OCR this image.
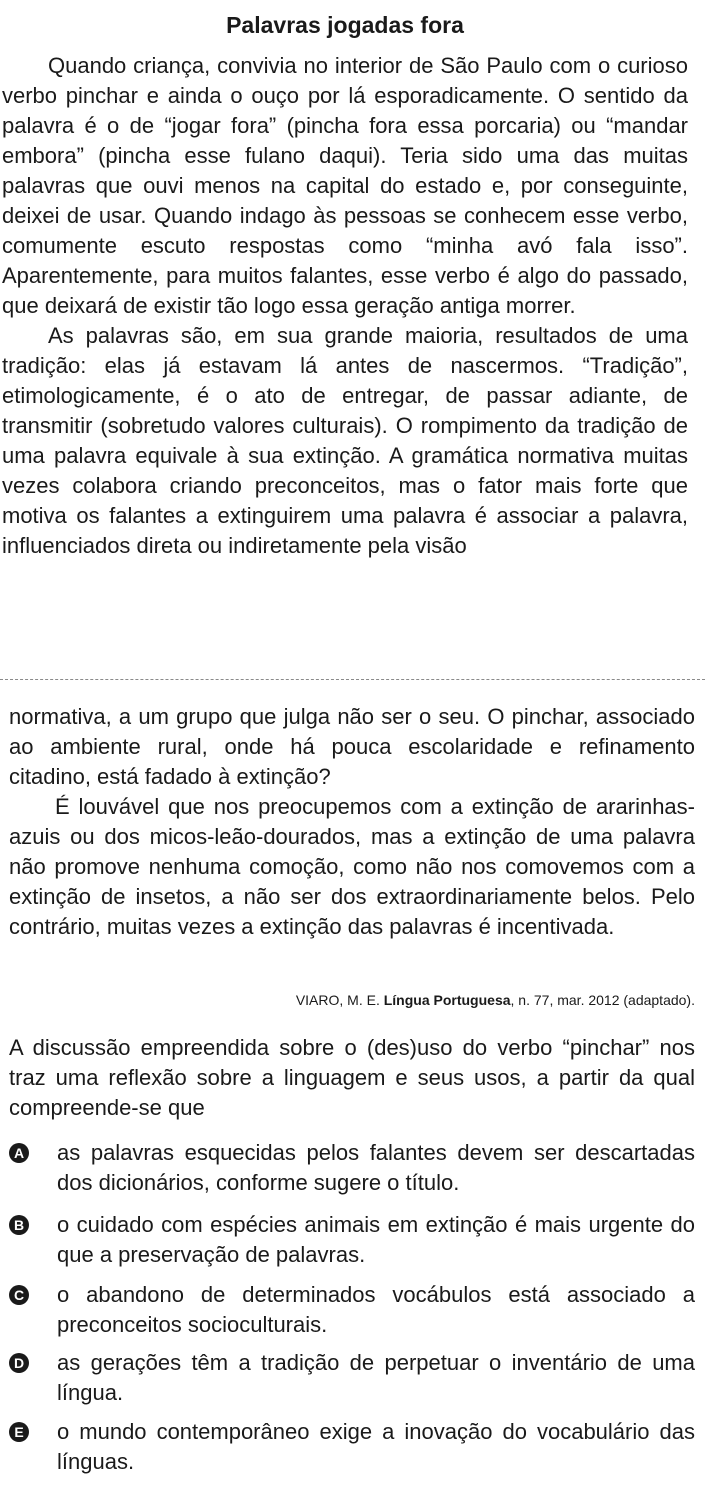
Palavras jogadas fora

Quando criança, convivia no interior de São Paulo com o curioso verbo pinchar e ainda o ouço por lá esporadicamente. O sentido da palavra é o de “jogar fora” (pincha fora essa porcaria) ou “mandar embora” (pincha esse fulano daqui). Teria sido uma das muitas palavras que ouvi menos na capital do estado e, por conseguinte, deixei de usar. Quando indago às pessoas se conhecem esse verbo, comumente escuto respostas como “minha avó fala isso”. Aparentemente, para muitos falantes, esse verbo é algo do passado, que deixará de existir tão logo essa geração antiga morrer.

As palavras são, em sua grande maioria, resultados de uma tradição: elas já estavam lá antes de nascermos. “Tradição”, etimologicamente, é o ato de entregar, de passar adiante, de transmitir (sobretudo valores culturais). O rompimento da tradição de uma palavra equivale à sua extinção. A gramática normativa muitas vezes colabora criando preconceitos, mas o fator mais forte que motiva os falantes a extinguirem uma palavra é associar a palavra, influenciados direta ou indiretamente pela visão

normativa, a um grupo que julga não ser o seu. O pinchar, associado ao ambiente rural, onde há pouca escolaridade e refinamento citadino, está fadado à extinção?

É louvável que nos preocupemos com a extinção de ararinhas-azuis ou dos micos-leão-dourados, mas a extinção de uma palavra não promove nenhuma comoção, como não nos comovemos com a extinção de insetos, a não ser dos extraordinariamente belos. Pelo contrário, muitas vezes a extinção das palavras é incentivada.

VIARO, M. E. Língua Portuguesa, n. 77, mar. 2012 (adaptado).
A discussão empreendida sobre o (des)uso do verbo “pinchar” nos traz uma reflexão sobre a linguagem e seus usos, a partir da qual compreende-se que
A as palavras esquecidas pelos falantes devem ser descartadas dos dicionários, conforme sugere o título.
B o cuidado com espécies animais em extinção é mais urgente do que a preservação de palavras.
C o abandono de determinados vocábulos está associado a preconceitos socioculturais.
D as gerações têm a tradição de perpetuar o inventário de uma língua.
E o mundo contemporâneo exige a inovação do vocabulário das línguas.
